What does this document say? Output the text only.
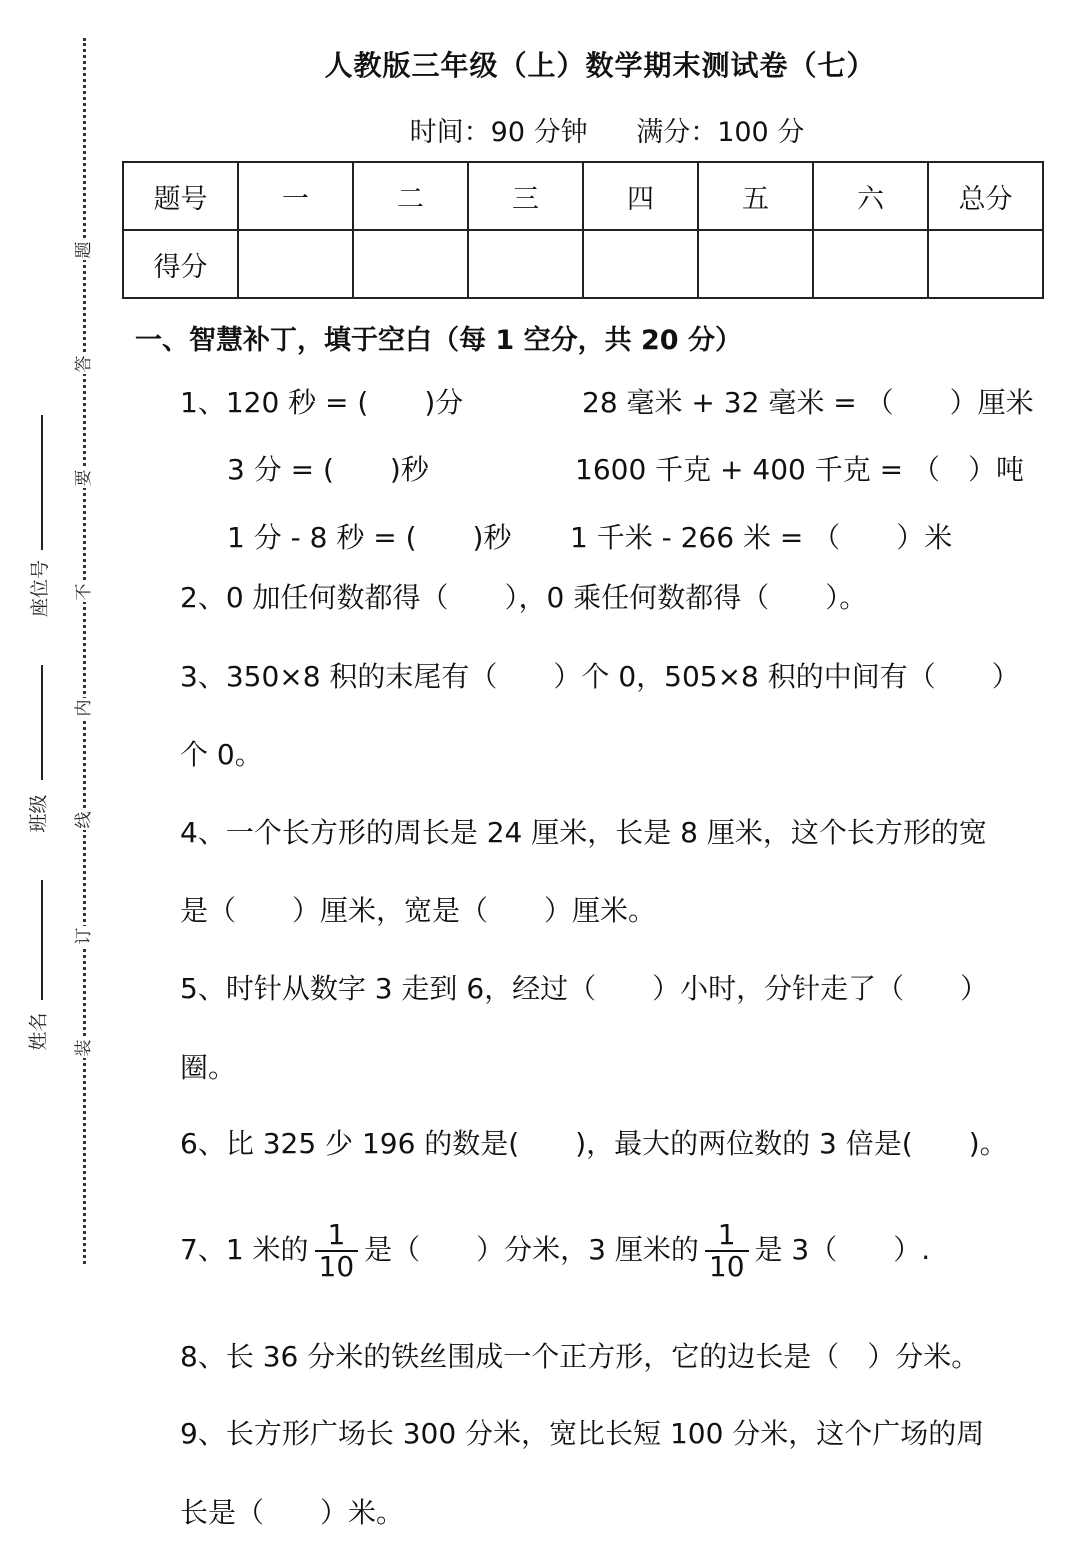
题
答
要
不
内
线
订
装
座位号
班级
姓名
人教版三年级（上）数学期末测试卷（七）
时间：90 分钟 满分：100 分
题号	一	二	三	四	五	六	总分
得分							
一、智慧补丁，填于空白（每 1 空分，共 20 分）
1、120 秒 = (　　)分	28 毫米 + 32 毫米 = （　　）厘米
3 分 = (　　)秒	1600 千克 + 400 千克 = （　）吨
1 分 - 8 秒 = (　　)秒 1 千米 - 266 米 = （　　）米
2、0 加任何数都得（　　），0 乘任何数都得（　　）。
3、350×8 积的末尾有（　　）个 0，505×8 积的中间有（　　）
个 0。
4、一个长方形的周长是 24 厘米，长是 8 厘米，这个长方形的宽
是（　　）厘米，宽是（　　）厘米。
5、时针从数字 3 走到 6，经过（　　）小时，分针走了（　　）
圈。
6、比 325 少 196 的数是(　　)，最大的两位数的 3 倍是(　　)。
7、1 米的 $\frac{1}{10}$ 是（　　）分米，3 厘米的 $\frac{1}{10}$ 是 3（　　）.
8、长 36 分米的铁丝围成一个正方形，它的边长是（　）分米。
9、长方形广场长 300 分米，宽比长短 100 分米，这个广场的周
长是（　　）米。
